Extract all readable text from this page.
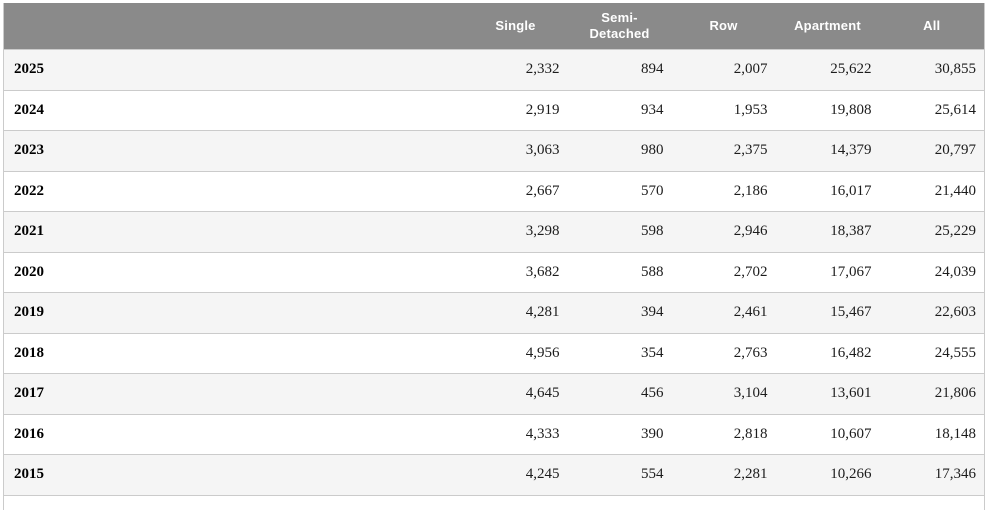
	Single	Semi-Detached	Row	Apartment	All
2025	2,332	894	2,007	25,622	30,855
2024	2,919	934	1,953	19,808	25,614
2023	3,063	980	2,375	14,379	20,797
2022	2,667	570	2,186	16,017	21,440
2021	3,298	598	2,946	18,387	25,229
2020	3,682	588	2,702	17,067	24,039
2019	4,281	394	2,461	15,467	22,603
2018	4,956	354	2,763	16,482	24,555
2017	4,645	456	3,104	13,601	21,806
2016	4,333	390	2,818	10,607	18,148
2015	4,245	554	2,281	10,266	17,346
